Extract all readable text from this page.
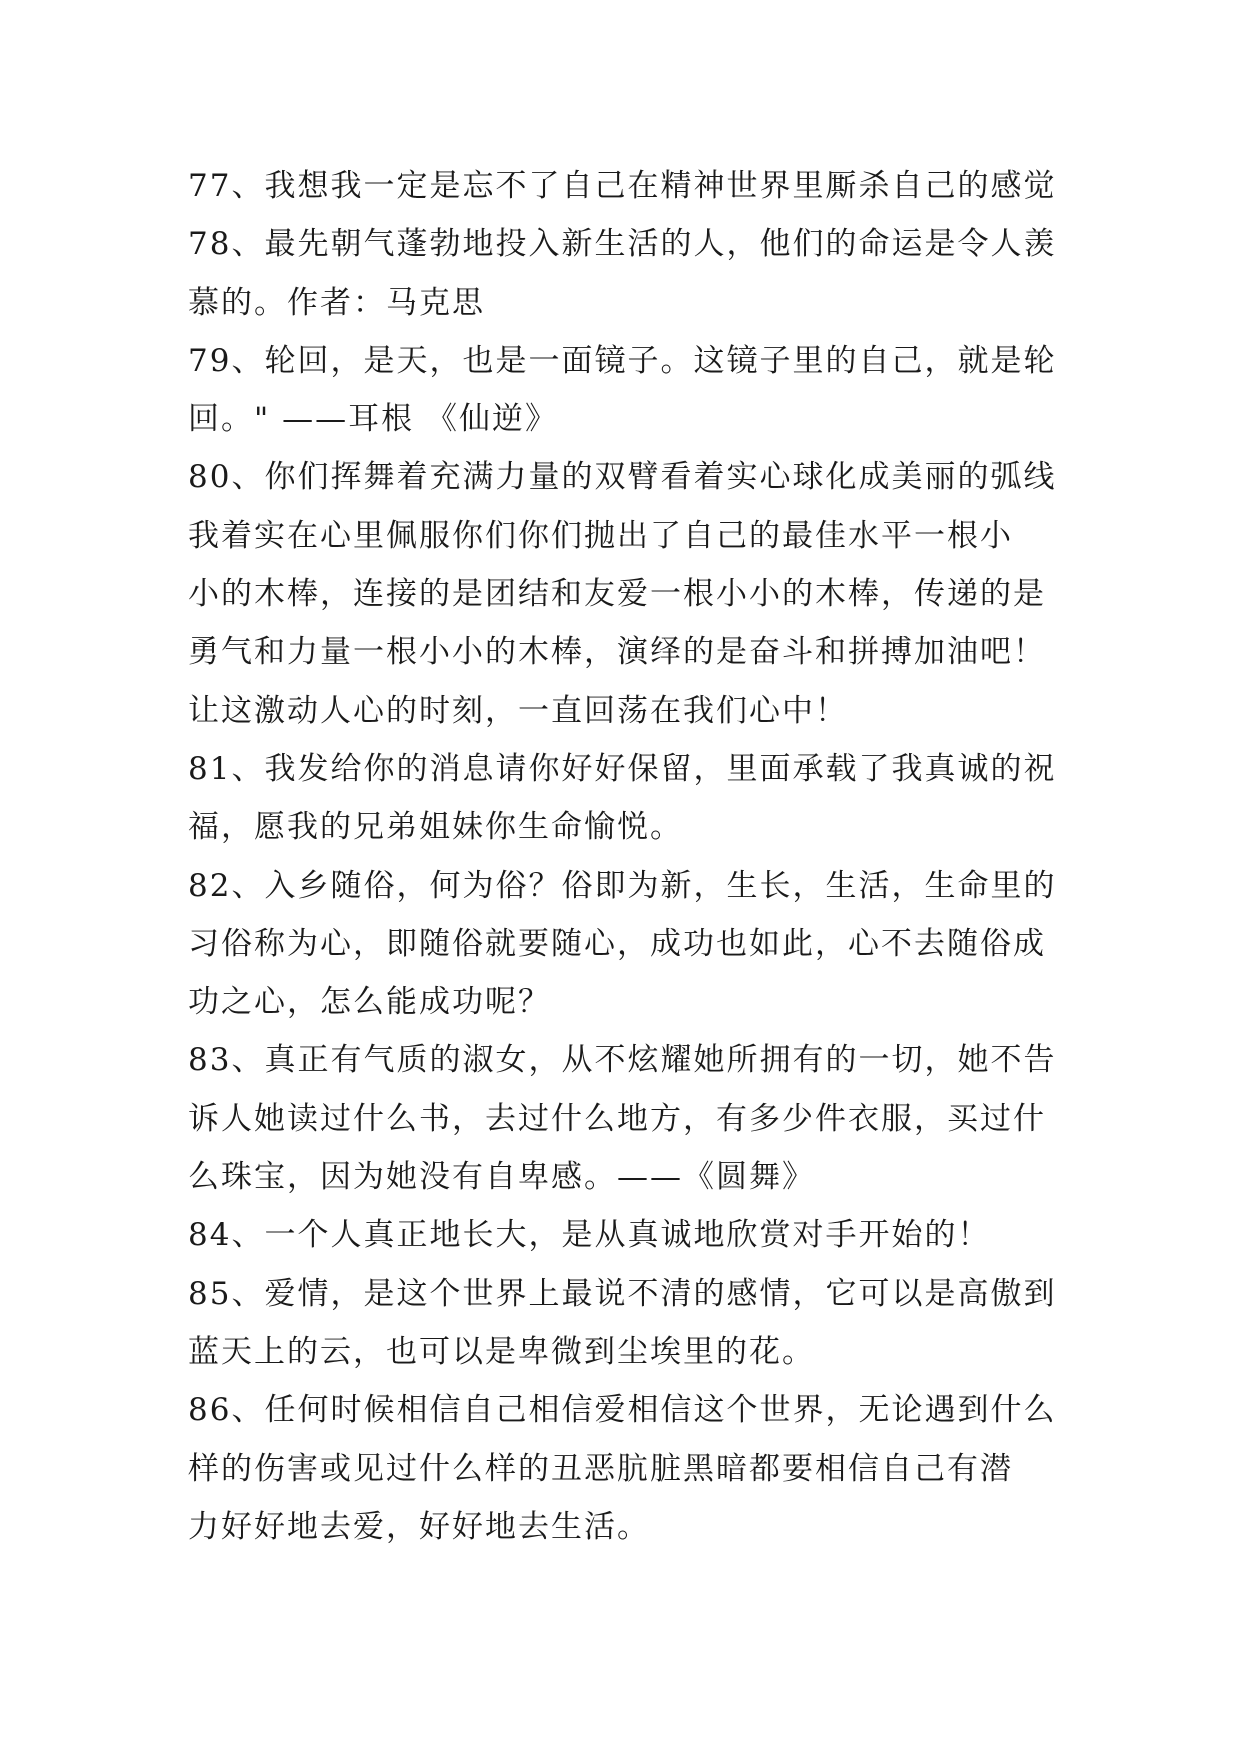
77、我想我一定是忘不了自己在精神世界里厮杀自己的感觉
78、最先朝气蓬勃地投入新生活的人，他们的命运是令人羡
慕的。作者：马克思
79、轮回，是天，也是一面镜子。这镜子里的自己，就是轮
回。" ——耳根 《仙逆》
80、你们挥舞着充满力量的双臂看着实心球化成美丽的弧线
我着实在心里佩服你们你们抛出了自己的最佳水平一根小
小的木棒，连接的是团结和友爱一根小小的木棒，传递的是
勇气和力量一根小小的木棒，演绎的是奋斗和拼搏加油吧！
让这激动人心的时刻，一直回荡在我们心中！
81、我发给你的消息请你好好保留，里面承载了我真诚的祝
福，愿我的兄弟姐妹你生命愉悦。
82、入乡随俗，何为俗？俗即为新，生长，生活，生命里的
习俗称为心，即随俗就要随心，成功也如此，心不去随俗成
功之心，怎么能成功呢？
83、真正有气质的淑女，从不炫耀她所拥有的一切，她不告
诉人她读过什么书，去过什么地方，有多少件衣服，买过什
么珠宝，因为她没有自卑感。——《圆舞》
84、一个人真正地长大，是从真诚地欣赏对手开始的！
85、爱情，是这个世界上最说不清的感情，它可以是高傲到
蓝天上的云，也可以是卑微到尘埃里的花。
86、任何时候相信自己相信爱相信这个世界，无论遇到什么
样的伤害或见过什么样的丑恶肮脏黑暗都要相信自己有潜
力好好地去爱，好好地去生活。
